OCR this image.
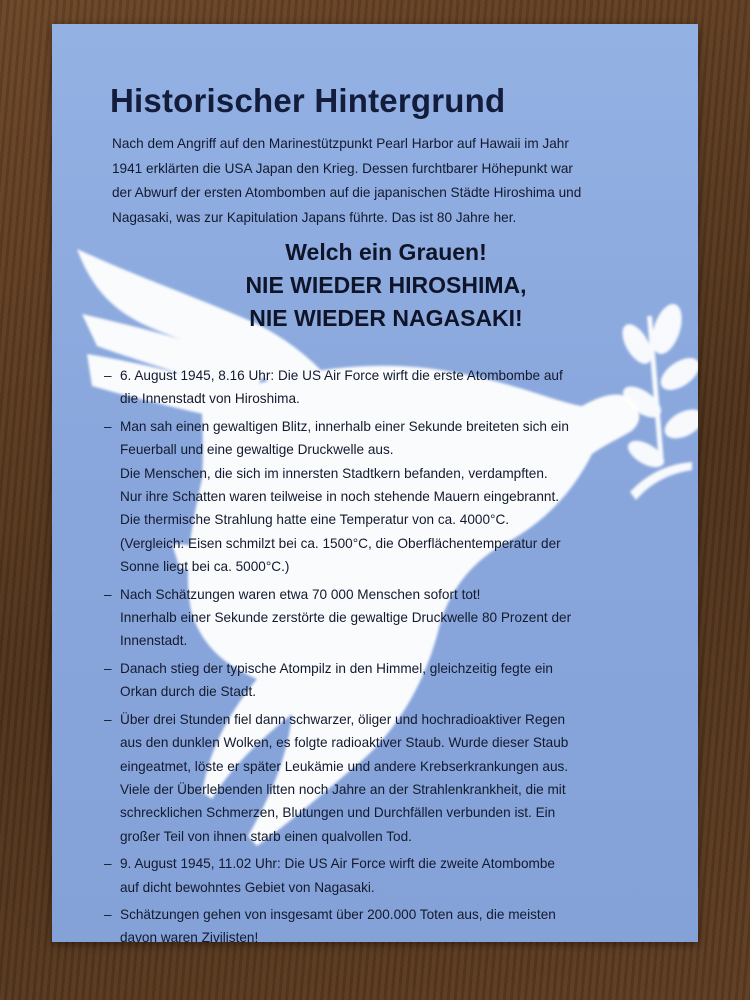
Historischer Hintergrund
Nach dem Angriff auf den Marinestützpunkt Pearl Harbor auf Hawaii im Jahr
1941 erklärten die USA Japan den Krieg. Dessen furchtbarer Höhepunkt war
der Abwurf der ersten Atombomben auf die japanischen Städte Hiroshima und
Nagasaki, was zur Kapitulation Japans führte. Das ist 80 Jahre her.
Welch ein Grauen!
NIE WIEDER HIROSHIMA,
NIE WIEDER NAGASAKI!
– 6. August 1945, 8.16 Uhr: Die US Air Force wirft die erste Atombombe auf
die Innenstadt von Hiroshima.
– Man sah einen gewaltigen Blitz, innerhalb einer Sekunde breiteten sich ein
Feuerball und eine gewaltige Druckwelle aus.
Die Menschen, die sich im innersten Stadtkern befanden, verdampften.
Nur ihre Schatten waren teilweise in noch stehende Mauern eingebrannt.
Die thermische Strahlung hatte eine Temperatur von ca. 4000°C.
(Vergleich: Eisen schmilzt bei ca. 1500°C, die Oberflächentemperatur der
Sonne liegt bei ca. 5000°C.)
– Nach Schätzungen waren etwa 70 000 Menschen sofort tot!
Innerhalb einer Sekunde zerstörte die gewaltige Druckwelle 80 Prozent der
Innenstadt.
– Danach stieg der typische Atompilz in den Himmel, gleichzeitig fegte ein
Orkan durch die Stadt.
– Über drei Stunden fiel dann schwarzer, öliger und hochradioaktiver Regen
aus den dunklen Wolken, es folgte radioaktiver Staub. Wurde dieser Staub
eingeatmet, löste er später Leukämie und andere Krebserkrankungen aus.
Viele der Überlebenden litten noch Jahre an der Strahlenkrankheit, die mit
schrecklichen Schmerzen, Blutungen und Durchfällen verbunden ist. Ein
großer Teil von ihnen starb einen qualvollen Tod.
– 9. August 1945, 11.02 Uhr: Die US Air Force wirft die zweite Atombombe
auf dicht bewohntes Gebiet von Nagasaki.
– Schätzungen gehen von insgesamt über 200.000 Toten aus, die meisten
davon waren Zivilisten!
